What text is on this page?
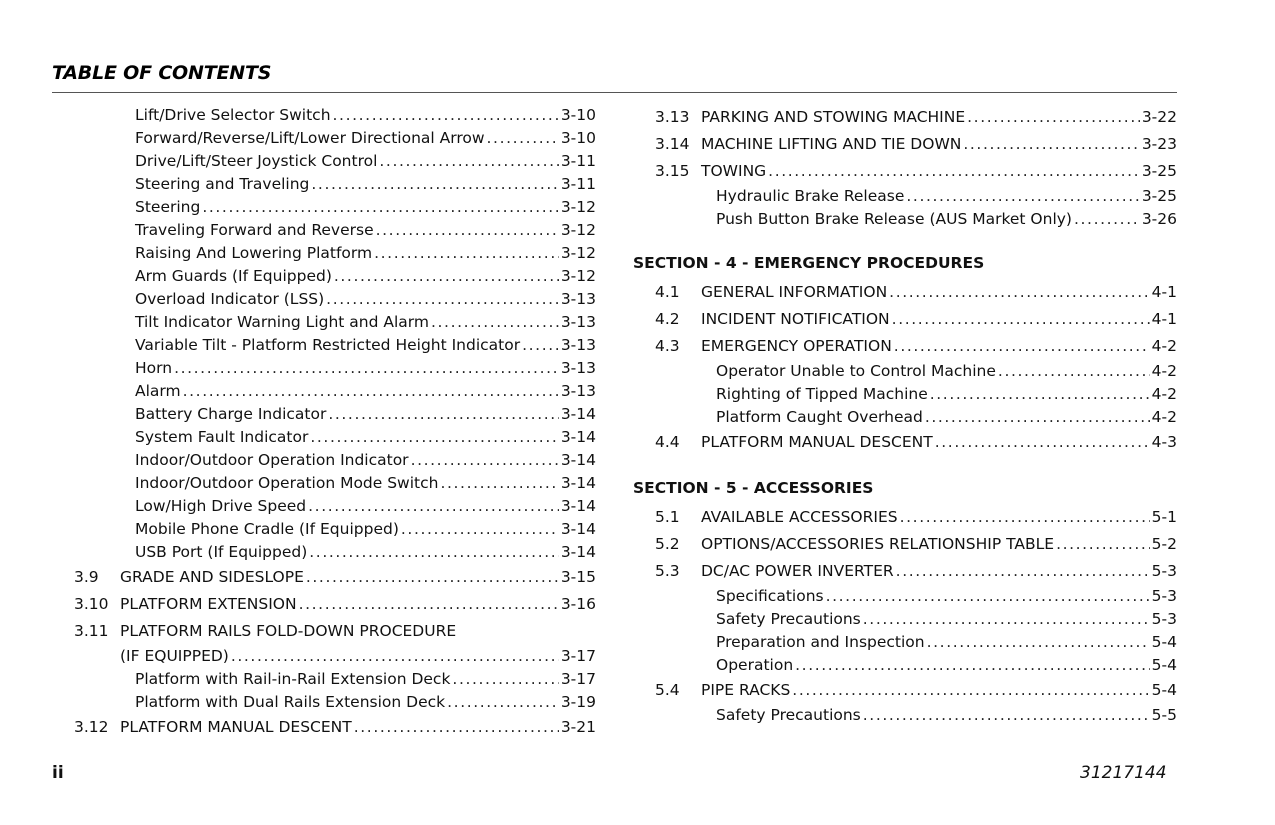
TABLE OF CONTENTS
Lift/Drive Selector Switch .....	3-10
Forward/Reverse/Lift/Lower Directional Arrow .....	3-10
Drive/Lift/Steer Joystick Control .....	3-11
Steering and Traveling .....	3-11
Steering .....	3-12
Traveling Forward and Reverse .....	3-12
Raising And Lowering Platform .....	3-12
Arm Guards (If Equipped) .....	3-12
Overload Indicator (LSS) .....	3-13
Tilt Indicator Warning Light and Alarm .....	3-13
Variable Tilt - Platform Restricted Height Indicator .....	3-13
Horn .....	3-13
Alarm .....	3-13
Battery Charge Indicator .....	3-14
System Fault Indicator .....	3-14
Indoor/Outdoor Operation Indicator .....	3-14
Indoor/Outdoor Operation Mode Switch .....	3-14
Low/High Drive Speed .....	3-14
Mobile Phone Cradle (If Equipped) .....	3-14
USB Port (If Equipped) .....	3-14
3.9	GRADE AND SIDESLOPE .....	3-15
3.10 PLATFORM EXTENSION .....	3-16
3.11 PLATFORM RAILS FOLD-DOWN PROCEDURE
(IF EQUIPPED) .....	3-17
Platform with Rail-in-Rail Extension Deck .....	3-17
Platform with Dual Rails Extension Deck .....	3-19
3.12 PLATFORM MANUAL DESCENT .....	3-21
3.13 PARKING AND STOWING MACHINE .....	3-22
3.14 MACHINE LIFTING AND TIE DOWN .....	3-23
3.15 TOWING .....	3-25
Hydraulic Brake Release .....	3-25
Push Button Brake Release (AUS Market Only) .....	3-26
SECTION - 4 - EMERGENCY PROCEDURES
4.1	GENERAL INFORMATION .....	4-1
4.2	INCIDENT NOTIFICATION .....	4-1
4.3	EMERGENCY OPERATION .....	4-2
Operator Unable to Control Machine .....	4-2
Righting of Tipped Machine .....	4-2
Platform Caught Overhead .....	4-2
4.4	PLATFORM MANUAL DESCENT .....	4-3
SECTION - 5 - ACCESSORIES
5.1	AVAILABLE ACCESSORIES .....	5-1
5.2	OPTIONS/ACCESSORIES RELATIONSHIP TABLE .....	5-2
5.3	DC/AC POWER INVERTER .....	5-3
Specifications .....	5-3
Safety Precautions .....	5-3
Preparation and Inspection .....	5-4
Operation .....	5-4
5.4	PIPE RACKS .....	5-4
Safety Precautions .....	5-5
ii	31217144
